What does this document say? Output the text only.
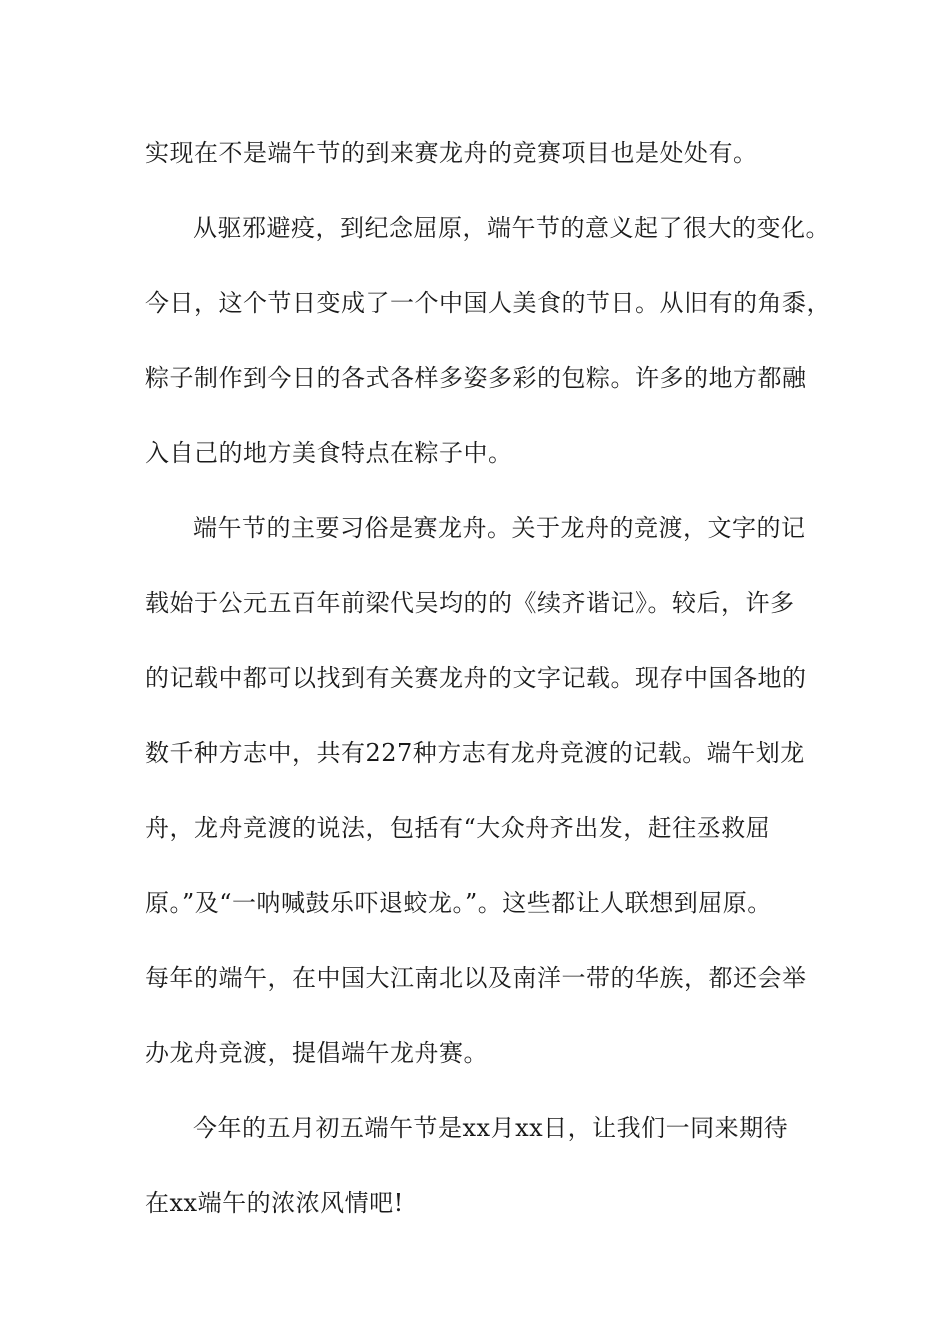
实现在不是端午节的到来赛龙舟的竞赛项目也是处处有。
从驱邪避疫，到纪念屈原，端午节的意义起了很大的变化。
今日，这个节日变成了一个中国人美食的节日。从旧有的角黍，
粽子制作到今日的各式各样多姿多彩的包粽。许多的地方都融
入自己的地方美食特点在粽子中。
端午节的主要习俗是赛龙舟。关于龙舟的竞渡，文字的记
载始于公元五百年前梁代吴均的的《续齐谐记》。较后，许多
的记载中都可以找到有关赛龙舟的文字记载。现存中国各地的
数千种方志中，共有227种方志有龙舟竞渡的记载。端午划龙
舟，龙舟竞渡的说法，包括有“大众舟齐出发，赶往丞救屈
原。”及“一呐喊鼓乐吓退蛟龙。”。这些都让人联想到屈原。
每年的端午，在中国大江南北以及南洋一带的华族，都还会举
办龙舟竞渡，提倡端午龙舟赛。
今年的五月初五端午节是xx月xx日，让我们一同来期待
在xx端午的浓浓风情吧!
